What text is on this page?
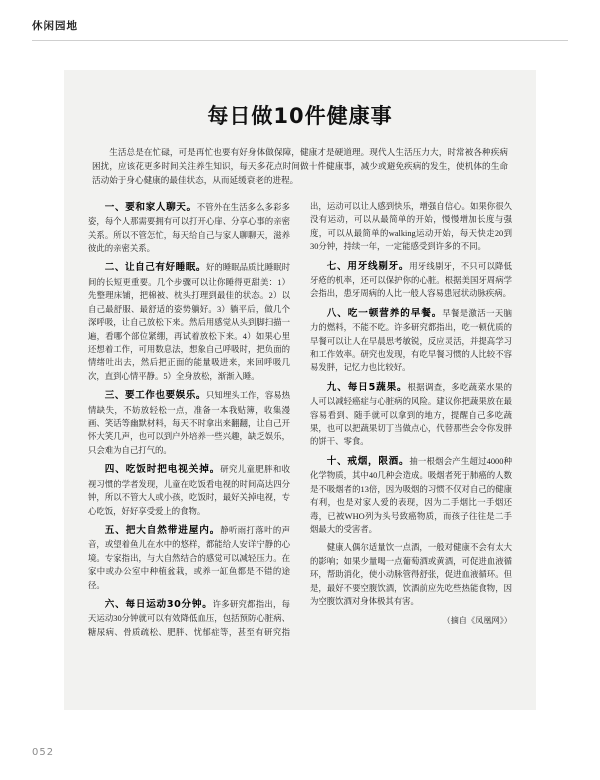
休闲园地
每日做10件健康事
生活总是在忙碌，可是再忙也要有好身体做保障，健康才是硬道理。现代人生活压力大，时常被各种疾病困扰，应该花更多时间关注养生知识，每天多花点时间做十件健康事，减少或避免疾病的发生，使机体的生命活动始于身心健康的最佳状态，从而延缓衰老的进程。

一、要和家人聊天。不管外在生活多么多彩多姿，每个人那需要拥有可以打开心扉、分享心事的亲密关系。所以不管怎忙，每天给自己与家人聊聊天，滋养彼此的亲密关系。

二、让自己有好睡眠。好的睡眠品质比睡眠时间的长短更重要。几个步骤可以让你睡得更甜美：1）先整理床铺，把棉被、枕头打理到最佳的状态。2）以自己最舒服、最舒适的姿势躺好。3）躺平后，做几个深呼吸，让自己放松下来。然后用感觉从头到脚扫描一遍，看哪个部位紧绷，再试着放松下来。4）如果心里还想着工作，可用数息法，想象自己呼吸时，把负面的情绪吐出去，然后把正面的能量吸进来，来回呼吸几次，直到心情平静。5）全身放松，渐渐入睡。

三、要工作也要娱乐。只知埋头工作，容易热情缺失，不妨放轻松一点，准备一本我贴簿，收集漫画、笑话等幽默材料，每天不时拿出来翻翻，让自己开怀大笑几声，也可以到户外培养一些兴趣，缺乏娱乐，只会难为自己打气的。

四、吃饭时把电视关掉。研究儿童肥胖和收视习惯的学者发现，儿童在吃饭看电视的时间高达四分钟，所以不管大人或小孩，吃饭时，最好关掉电视，专心吃饭，好好享受爱上的食物。

五、把大自然带进屋内。静听雨打落叶的声音，或望着鱼儿在水中的悠样，都能给人安详宁静的心境。专家指出，与大自然结合的感觉可以减轻压力。在家中或办公室中种植盆栽，或养一缸鱼都是不错的途径。

六、每日运动30分钟。许多研究都指出，每天运动30分钟就可以有效降低血压，包括预防心脏病、糖尿病、骨质疏松、肥胖、忧郁症等，甚至有研究指出，运动可以让人感到快乐，增强自信心。如果你很久没有运动，可以从最简单的开始，慢慢增加长度与强度，可以从最简单的walking运动开始，每天快走20到30分钟，持续一年，一定能感受到许多的不同。

七、用牙线剔牙。用牙线剔牙，不只可以降低牙疮的机率，还可以保护你的心脏。根据美国牙周病学会指出，患牙周病的人比一般人容易患冠状动脉疾病。

八、吃一顿营养的早餐。早餐是激活一天脑力的燃料，不能不吃。许多研究都指出，吃一顿优质的早餐可以让人在早晨思考敏锐，反应灵活，并提高学习和工作效率。研究也发现，有吃早餐习惯的人比较不容易发胖，记忆力也比较好。

九、每日5蔬果。根据调查，多吃蔬菜水果的人可以减轻癌症与心脏病的风险。建议你把蔬果放在最容易看到、随手就可以拿到的地方，提醒自己多吃蔬果，也可以把蔬果切丁当做点心，代替那些会令你发胖的饼干、零食。

十、戒烟，限酒。抽一根烟会产生超过4000种化学物质，其中40几种会造成。吸烟者死于肺癌的人数是不吸烟者的13倍，因为吸烟的习惯不仅对自己的健康有利，也是对家人爱的表现，因为二手烟比一手烟还毒，已被WHO列为头号致癌物质，而孩子往往是二手烟最大的受害者。

健康人偶尔适量饮一点酒，一般对健康不会有太大的影响；如果少量喝一点葡萄酒或黄酒，可促进血液循环，帮助消化，使小动脉管得舒张，促进血液循环。但是，最好不要空腹饮酒，饮酒前应先吃些热能食物，因为空腹饮酒对身体极其有害。

（摘自《凤凰网》）

052
